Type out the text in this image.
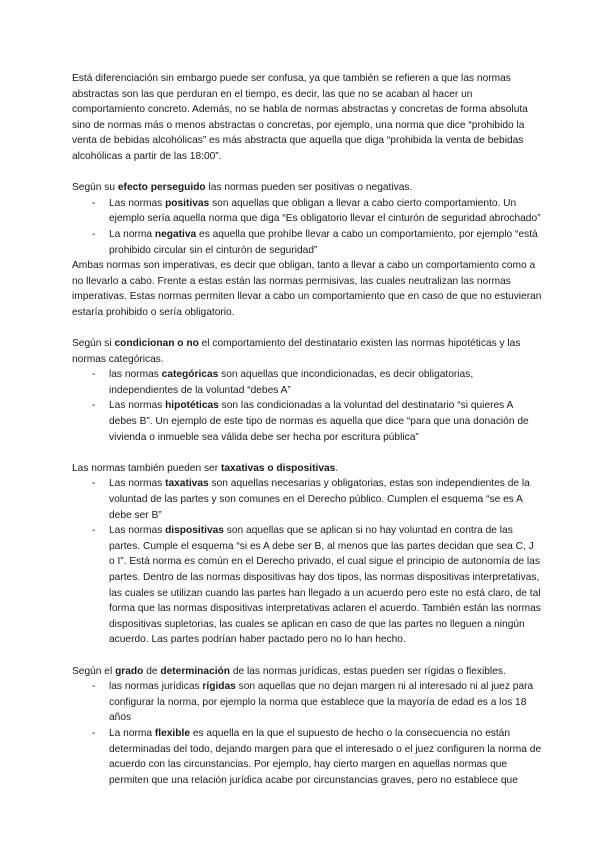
Está diferenciación sin embargo puede ser confusa, ya que también se refieren a que las normas abstractas son las que perduran en el tiempo, es decir, las que no se acaban al hacer un comportamiento concreto. Además, no se habla de normas abstractas y concretas de forma absoluta sino de normas más o menos abstractas o concretas, por ejemplo, una norma que dice “prohibido la venta de bebidas alcohólicas” es más abstracta que aquella que diga “prohibida la venta de bebidas alcohólicas a partir de las 18:00”.

Según su efecto perseguido las normas pueden ser positivas o negativas.

- Las normas positivas son aquellas que obligan a llevar a cabo cierto comportamiento. Un ejemplo sería aquella norma que diga “Es obligatorio llevar el cinturón de seguridad abrochado”
- La norma negativa es aquella que prohíbe llevar a cabo un comportamiento, por ejemplo “está prohibido circular sin el cinturón de seguridad”

Ambas normas son imperativas, es decir que obligan, tanto a llevar a cabo un comportamiento como a no llevarlo a cabo. Frente a estas están las normas permisivas, las cuales neutralizan las normas imperativas. Estas normas permiten llevar a cabo un comportamiento que en caso de que no estuvieran estaría prohibido o sería obligatorio.

Según si condicionan o no el comportamiento del destinatario existen las normas hipotéticas y las normas categóricas.

- las normas categóricas son aquellas que incondicionadas, es decir obligatorias, independientes de la voluntad “debes A”
- Las normas hipotéticas son las condicionadas a la voluntad del destinatario “si quieres A debes B”. Un ejemplo de este tipo de normas es aquella que dice “para que una donación de vivienda o inmueble sea válida debe ser hecha por escritura pública”

Las normas también pueden ser taxativas o dispositivas.

- Las normas taxativas son aquellas necesarias y obligatorias, estas son independientes de la voluntad de las partes y son comunes en el Derecho público. Cumplen el esquema “se es A debe ser B”
- Las normas dispositivas son aquellas que se aplican si no hay voluntad en contra de las partes. Cumple el esquema “si es A debe ser B, al menos que las partes decidan que sea C, J o I”. Está norma es común en el Derecho privado, el cual sigue el principio de autonomía de las partes. Dentro de las normas dispositivas hay dos tipos, las normas dispositivas interpretativas, las cuales se utilizan cuando las partes han llegado a un acuerdo pero este no está claro, de tal forma que las normas dispositivas interpretativas aclaren el acuerdo. También están las normas dispositivas supletorias, las cuales se aplican en caso de que las partes no lleguen a ningún acuerdo. Las partes podrían haber pactado pero no lo han hecho.

Según el grado de determinación de las normas jurídicas, estas pueden ser rígidas o flexibles.

- las normas jurídicas rígidas son aquellas que no dejan margen ni al interesado ni al juez para configurar la norma, por ejemplo la norma que establece que la mayoría de edad es a los 18 años
- La norma flexible es aquella en la que el supuesto de hecho o la consecuencia no están determinadas del todo, dejando margen para que el interesado o el juez configuren la norma de acuerdo con las circunstancias. Por ejemplo, hay cierto margen en aquellas normas que permiten que una relación jurídica acabe por circunstancias graves, pero no establece que
